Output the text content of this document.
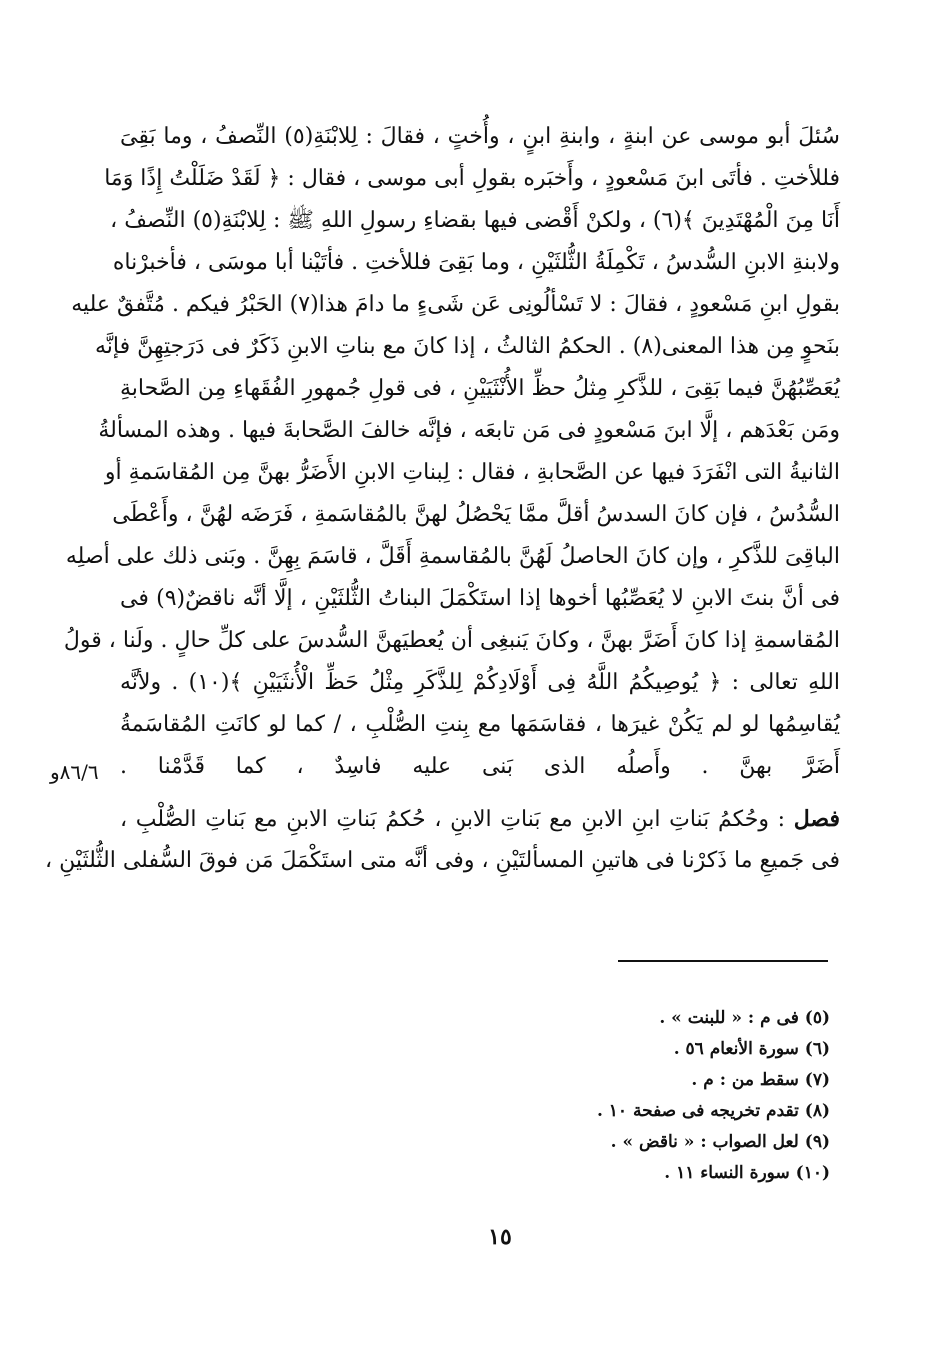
سُئلَ أبو موسى عن ابنةٍ ، وابنةِ ابنٍ ، وأُختٍ ، فقالَ : لِلابْنَةِ(٥) النِّصفُ ، وما بَقِىَ
فللأختِ . فأتَى ابنَ مَسْعودٍ ، وأَخبَره بقولِ أبى موسى ، فقال : ﴿ لَقَدْ ضَلَلْتُ إِذًا وَمَا
أَنَا مِنَ الْمُهْتَدِينَ ﴾(٦) ، ولكنْ أَقْضى فيها بقضاءِ رسولِ اللهِ ﷺ : لِلابْنَةِ(٥) النِّصفُ ،
ولابنةِ الابنِ السُّدسُ ، تَكْمِلَةُ الثُّلثَيْنِ ، وما بَقِىَ فللأختِ . فأتَيْنا أبا موسَى ، فأخبرْناه
بقولِ ابنِ مَسْعودٍ ، فقالَ : لا تَسْألُونِى عَن شَىءٍ ما دامَ هذا(٧) الحَبْرُ فيكم . مُتَّفقٌ عليه
بنَحوٍ مِن هذا المعنى(٨) . الحكمُ الثالثُ ، إذا كانَ مع بناتِ الابنِ ذَكَرٌ فى دَرَجتِهِنَّ فإنَّه
يُعَصِّبُهُنَّ فيما بَقِىَ ، للذَّكرِ مِثلُ حظِّ الأُنْثَيَيْنِ ، فى قولِ جُمهورِ الفُقَهاءِ مِن الصَّحابةِ
ومَن بَعْدَهم ، إلَّا ابنَ مَسْعودٍ فى مَن تابعَه ، فإنَّه خالفَ الصَّحابةَ فيها . وهذه المسألةُ
الثانيةُ التى انْفَرَدَ فيها عن الصَّحابةِ ، فقال : لِبناتِ الابنِ الأَضَرُّ بهنَّ مِن المُقاسَمةِ أو
السُّدُسُ ، فإن كانَ السدسُ أقلَّ ممَّا يَحْصُلُ لهنَّ بالمُقاسَمةِ ، فَرَضَه لهُنَّ ، وأَعْطَى
الباقِىَ للذَّكرِ ، وإن كانَ الحاصلُ لَهُنَّ بالمُقاسمةِ أَقَلَّ ، قاسَمَ بِهِنَّ . وبَنى ذلك على أصلِه
فى أنَّ بنتَ الابنِ لا يُعَصِّبُها أخوها إذا استَكْمَلَ البناتُ الثُّلثَيْنِ ، إلَّا أنَّه ناقضٌ(٩) فى
المُقاسمةِ إذا كانَ أَضَرَّ بهنَّ ، وكانَ يَنبغِى أن يُعطيَهنَّ السُّدسَ على كلِّ حالٍ . ولَنا ، قولُ
اللهِ تعالى : ﴿ يُوصِيكُمُ اللَّهُ فِى أَوْلَادِكُمْ لِلذَّكَرِ مِثْلُ حَظِّ الْأُنثَيَيْنِ ﴾(١٠) . ولأنَّه
يُقاسِمُها لو لم يَكُنْ غيرَها ، فقاسَمَها مع بِنتِ الصُّلْبِ ، / كما لو كانَتِ المُقاسَمةُ
أَضَرَّ بهنَّ . وأَصلُه الذى بَنى عليه فاسِدٌ ، كما قَدَّمْنا .
فصل : وحُكمُ بَناتِ ابنِ الابنِ مع بَناتِ الابنِ ، حُكمُ بَناتِ الابنِ مع بَناتِ الصُّلْبِ ،
فى جَميعِ ما ذَكرْنا فى هاتينِ المسألتَيْنِ ، وفى أنَّه متى استَكْمَلَ مَن فوقَ السُّفلى الثُّلثَيْنِ ،
٨٦/٦و
(٥) فى م : « للبنت » .
(٦) سورة الأنعام ٥٦ .
(٧) سقط من : م .
(٨) تقدم تخريجه فى صفحة ١٠ .
(٩) لعل الصواب : « ناقض » .
(١٠) سورة النساء ١١ .
١٥
